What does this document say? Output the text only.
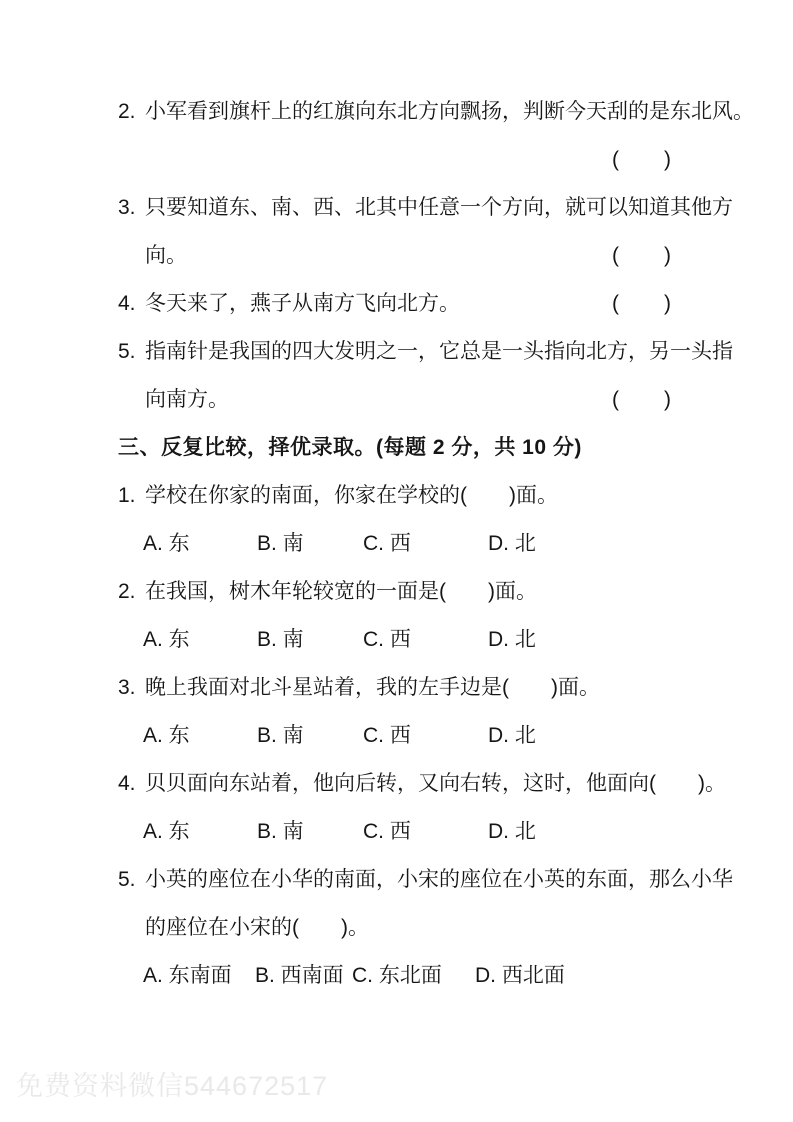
2. 小军看到旗杆上的红旗向东北方向飘扬，判断今天刮的是东北风。
(　　)
3. 只要知道东、南、西、北其中任意一个方向，就可以知道其他方
向。	(　　)
4. 冬天来了，燕子从南方飞向北方。	(　　)
5. 指南针是我国的四大发明之一，它总是一头指向北方，另一头指
向南方。	(　　)
三、反复比较，择优录取。(每题 2 分，共 10 分)
1. 学校在你家的南面，你家在学校的(　　)面。
A. 东	B. 南	C. 西	D. 北
2. 在我国，树木年轮较宽的一面是(　　)面。
A. 东	B. 南	C. 西	D. 北
3. 晚上我面对北斗星站着，我的左手边是(　　)面。
A. 东	B. 南	C. 西	D. 北
4. 贝贝面向东站着，他向后转，又向右转，这时，他面向(　　)。
A. 东	B. 南	C. 西	D. 北
5. 小英的座位在小华的南面，小宋的座位在小英的东面，那么小华
的座位在小宋的(　　)。
A. 东南面 B. 西南面 C. 东北面 D. 西北面
免费资料微信544672517
